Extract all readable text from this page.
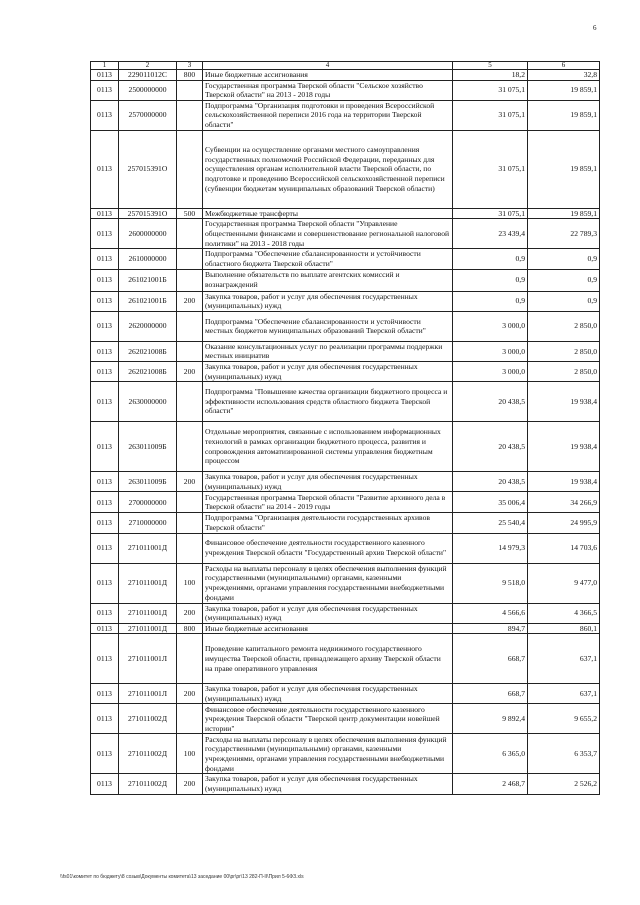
6
1	2	3	4	5	6
0113	229011012С	800	Иные бюджетные ассигнования	18,2	32,8
0113	2500000000		Государственная программа Тверской области "Сельское хозяйство Тверской области" на 2013 - 2018 годы	31 075,1	19 859,1
0113	2570000000		Подпрограмма "Организация подготовки и проведения Всероссийской сельскохозяйственной переписи 2016 года на территории Тверской области"	31 075,1	19 859,1
0113	257015391О		Субвенции на осуществление органами местного самоуправления государственных полномочий Российской Федерации, переданных для осуществления органам исполнительной власти Тверской области, по подготовке и проведению Всероссийской сельскохозяйственной переписи (субвенции бюджетам муниципальных образований Тверской области)	31 075,1	19 859,1
0113	257015391О	500	Межбюджетные трансферты	31 075,1	19 859,1
0113	2600000000		Государственная программа Тверской области "Управление общественными финансами и совершенствование региональной налоговой политики" на 2013 - 2018 годы	23 439,4	22 789,3
0113	2610000000		Подпрограмма "Обеспечение сбалансированности и устойчивости областного бюджета Тверской области"	0,9	0,9
0113	261021001Б		Выполнение обязательств по выплате агентских комиссий и вознаграждений	0,9	0,9
0113	261021001Б	200	Закупка товаров, работ и услуг для обеспечения государственных (муниципальных) нужд	0,9	0,9
0113	2620000000		Подпрограмма "Обеспечение сбалансированности и устойчивости местных бюджетов муниципальных образований Тверской области"	3 000,0	2 850,0
0113	262021008Б		Оказание консультационных услуг по реализации программы поддержки местных инициатив	3 000,0	2 850,0
0113	262021008Б	200	Закупка товаров, работ и услуг для обеспечения государственных (муниципальных) нужд	3 000,0	2 850,0
0113	2630000000		Подпрограмма "Повышение качества организации бюджетного процесса и эффективности использования средств областного бюджета Тверской области"	20 438,5	19 938,4
0113	263011009Б		Отдельные мероприятия, связанные с использованием информационных технологий в рамках организации бюджетного процесса, развития и сопровождения автоматизированной системы управления бюджетным процессом	20 438,5	19 938,4
0113	263011009Б	200	Закупка товаров, работ и услуг для обеспечения государственных (муниципальных) нужд	20 438,5	19 938,4
0113	2700000000		Государственная программа Тверской области "Развитие архивного дела в Тверской области" на 2014 - 2019 годы	35 006,4	34 266,9
0113	2710000000		Подпрограмма "Организация деятельности государственных архивов Тверской области"	25 540,4	24 995,9
0113	271011001Д		Финансовое обеспечение деятельности государственного казенного учреждения Тверской области "Государственный архив Тверской области"	14 979,3	14 703,6
0113	271011001Д	100	Расходы на выплаты персоналу в целях обеспечения выполнения функций государственными (муниципальными) органами, казенными учреждениями, органами управления государственными внебюджетными фондами	9 518,0	9 477,0
0113	271011001Д	200	Закупка товаров, работ и услуг для обеспечения государственных (муниципальных) нужд	4 566,6	4 366,5
0113	271011001Д	800	Иные бюджетные ассигнования	894,7	860,1
0113	271011001Л		Проведение капитального ремонта недвижимого государственного имущества Тверской области, принадлежащего архиву Тверской области на праве оперативного управления	668,7	637,1
0113	271011001Л	200	Закупка товаров, работ и услуг для обеспечения государственных (муниципальных) нужд	668,7	637,1
0113	271011002Д		Финансовое обеспечение деятельности государственного казенного учреждения Тверской области "Тверской центр документации новейшей истории"	9 892,4	9 655,2
0113	271011002Д	100	Расходы на выплаты персоналу в целях обеспечения выполнения функций государственными (муниципальными) органами, казенными учреждениями, органами управления государственными внебюджетными фондами	6 365,0	6 353,7
0113	271011002Д	200	Закупка товаров, работ и услуг для обеспечения государственных (муниципальных) нужд	2 468,7	2 526,2
\\fs01\комитет по бюджету\8 созыв\Документы комитета\13 заседание 00\pr\pr\13 282-П-II\Прил 5-6ФЗ.xls
